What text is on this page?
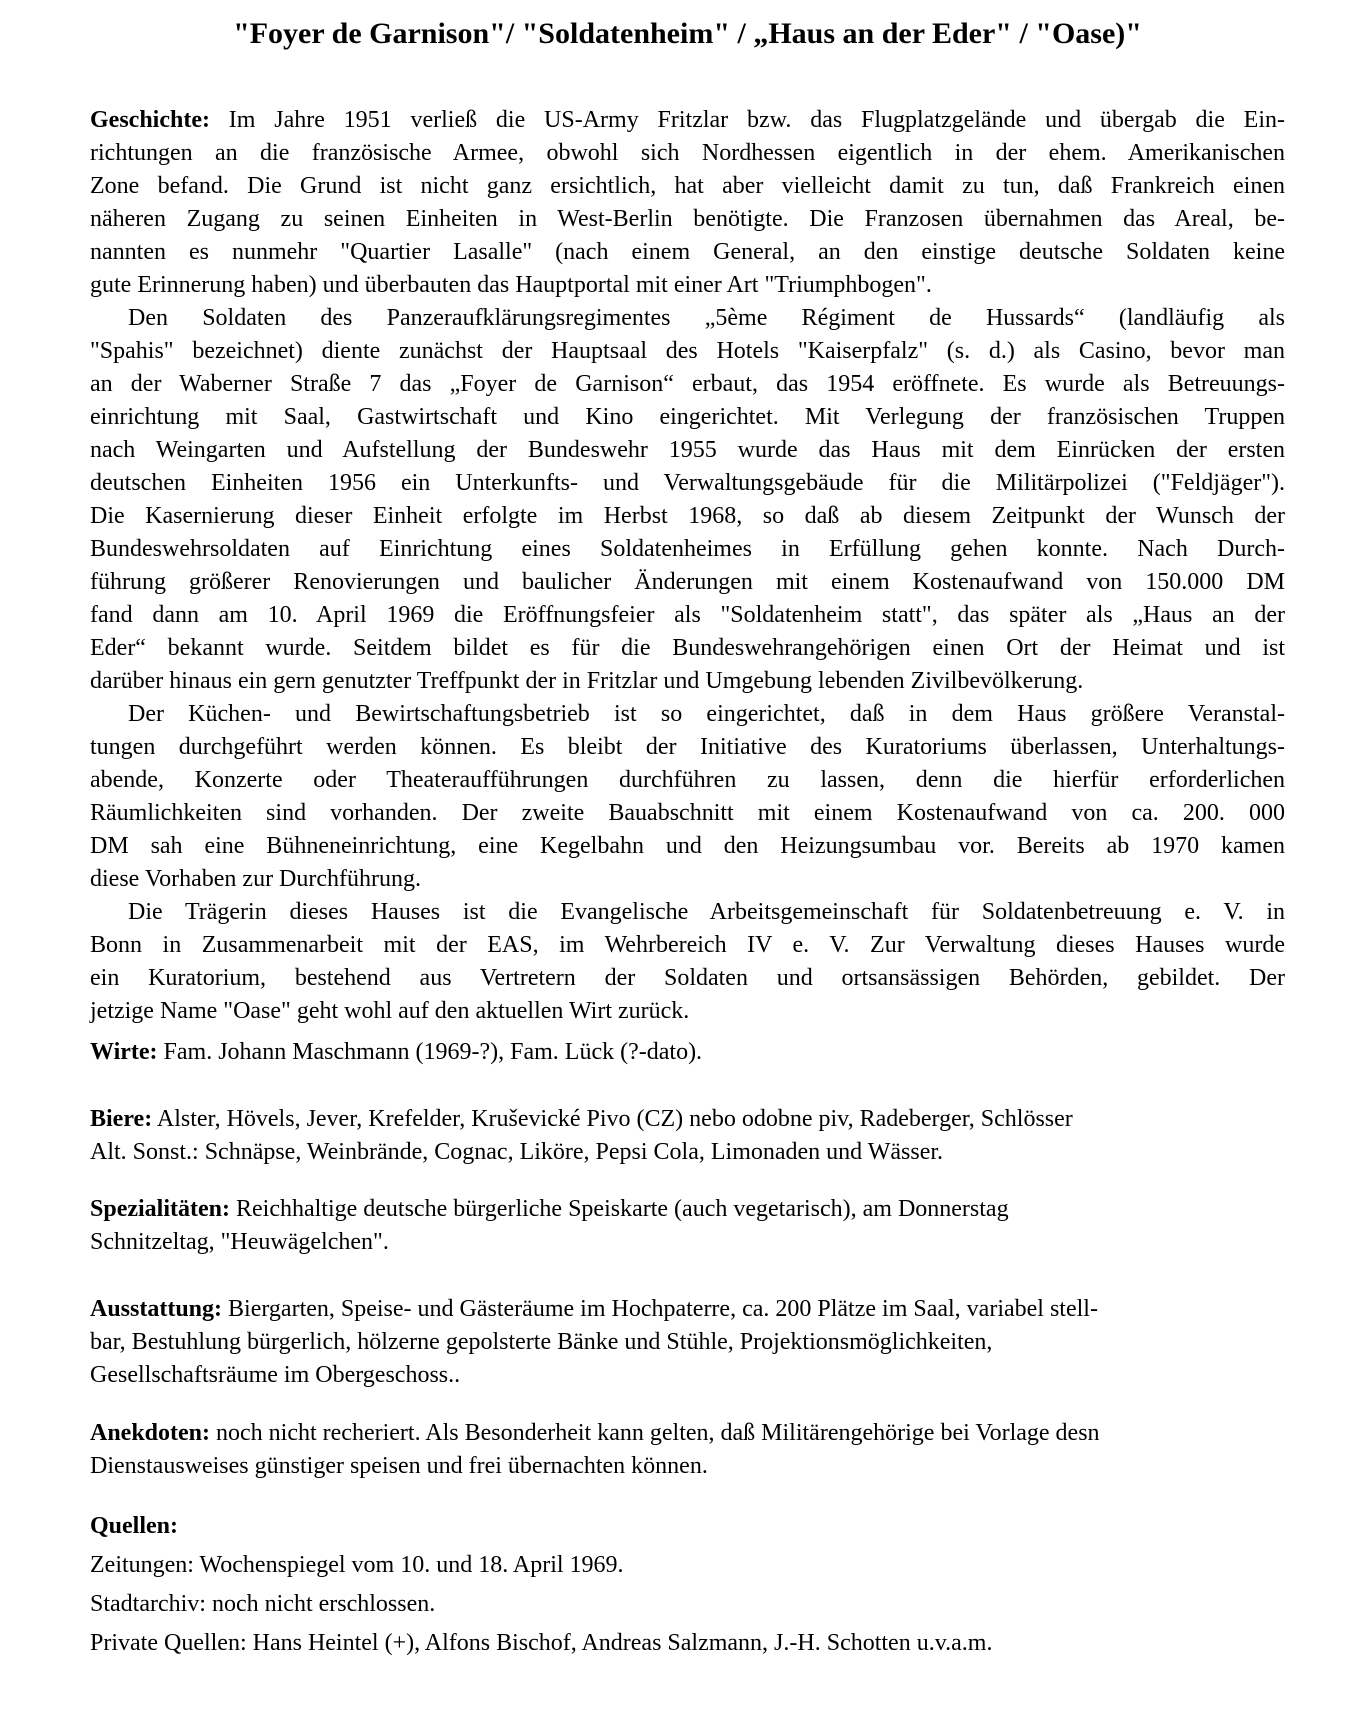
"Foyer de Garnison"/ "Soldatenheim" / „Haus an der Eder" / "Oase)"
Geschichte: Im Jahre 1951 verließ die US-Army Fritzlar bzw. das Flugplatzgelände und übergab die Ein-
richtungen an die französische Armee, obwohl sich Nordhessen eigentlich in der ehem. Amerikanischen
Zone befand. Die Grund ist nicht ganz ersichtlich, hat aber vielleicht damit zu tun, daß Frankreich einen
näheren Zugang zu seinen Einheiten in West-Berlin benötigte. Die Franzosen übernahmen das Areal, be-
nannten es nunmehr "Quartier Lasalle" (nach einem General, an den einstige deutsche Soldaten keine
gute Erinnerung haben) und überbauten das Hauptportal mit einer Art "Triumphbogen".
Den Soldaten des Panzeraufklärungsregimentes „5ème Régiment de Hussards“ (landläufig als
"Spahis" bezeichnet) diente zunächst der Hauptsaal des Hotels "Kaiserpfalz" (s. d.) als Casino, bevor man
an der Waberner Straße 7 das „Foyer de Garnison“ erbaut, das 1954 eröffnete. Es wurde als Betreuungs-
einrichtung mit Saal, Gastwirtschaft und Kino eingerichtet. Mit Verlegung der französischen Truppen
nach Weingarten und Aufstellung der Bundeswehr 1955 wurde das Haus mit dem Einrücken der ersten
deutschen Einheiten 1956 ein Unterkunfts- und Verwaltungsgebäude für die Militärpolizei ("Feldjäger").
Die Kasernierung dieser Einheit erfolgte im Herbst 1968, so daß ab diesem Zeitpunkt der Wunsch der
Bundeswehrsoldaten auf Einrichtung eines Soldatenheimes in Erfüllung gehen konnte. Nach Durch-
führung größerer Renovierungen und baulicher Änderungen mit einem Kostenaufwand von 150.000 DM
fand dann am 10. April 1969 die Eröffnungsfeier als "Soldatenheim statt", das später als „Haus an der
Eder“ bekannt wurde. Seitdem bildet es für die Bundeswehrangehörigen einen Ort der Heimat und ist
darüber hinaus ein gern genutzter Treffpunkt der in Fritzlar und Umgebung lebenden Zivilbevölkerung.
Der Küchen- und Bewirtschaftungsbetrieb ist so eingerichtet, daß in dem Haus größere Veranstal-
tungen durchgeführt werden können. Es bleibt der Initiative des Kuratoriums überlassen, Unterhaltungs-
abende, Konzerte oder Theateraufführungen durchführen zu lassen, denn die hierfür erforderlichen
Räumlichkeiten sind vorhanden. Der zweite Bauabschnitt mit einem Kostenaufwand von ca. 200. 000
DM sah eine Bühneneinrichtung, eine Kegelbahn und den Heizungsumbau vor. Bereits ab 1970 kamen
diese Vorhaben zur Durchführung.
Die Trägerin dieses Hauses ist die Evangelische Arbeitsgemeinschaft für Soldatenbetreuung e. V. in
Bonn in Zusammenarbeit mit der EAS, im Wehrbereich IV e. V. Zur Verwaltung dieses Hauses wurde
ein Kuratorium, bestehend aus Vertretern der Soldaten und ortsansässigen Behörden, gebildet. Der
jetzige Name "Oase" geht wohl auf den aktuellen Wirt zurück.
Wirte: Fam. Johann Maschmann (1969-?), Fam. Lück (?-dato).
Biere: Alster, Hövels, Jever, Krefelder, Kruševické Pivo (CZ) nebo odobne piv, Radeberger, Schlösser
Alt. Sonst.: Schnäpse, Weinbrände, Cognac, Liköre, Pepsi Cola, Limonaden und Wässer.
Spezialitäten: Reichhaltige deutsche bürgerliche Speiskarte (auch vegetarisch), am Donnerstag
Schnitzeltag, "Heuwägelchen".
Ausstattung: Biergarten, Speise- und Gästeräume im Hochpaterre, ca. 200 Plätze im Saal, variabel stell-
bar, Bestuhlung bürgerlich, hölzerne gepolsterte Bänke und Stühle, Projektionsmöglichkeiten,
Gesellschaftsräume im Obergeschoss..
Anekdoten: noch nicht recheriert. Als Besonderheit kann gelten, daß Militärengehörige bei Vorlage desn
Dienstausweises günstiger speisen und frei übernachten können.
Quellen:
Zeitungen: Wochenspiegel vom 10. und 18. April 1969.
Stadtarchiv: noch nicht erschlossen.
Private Quellen: Hans Heintel (+), Alfons Bischof, Andreas Salzmann, J.-H. Schotten u.v.a.m.
